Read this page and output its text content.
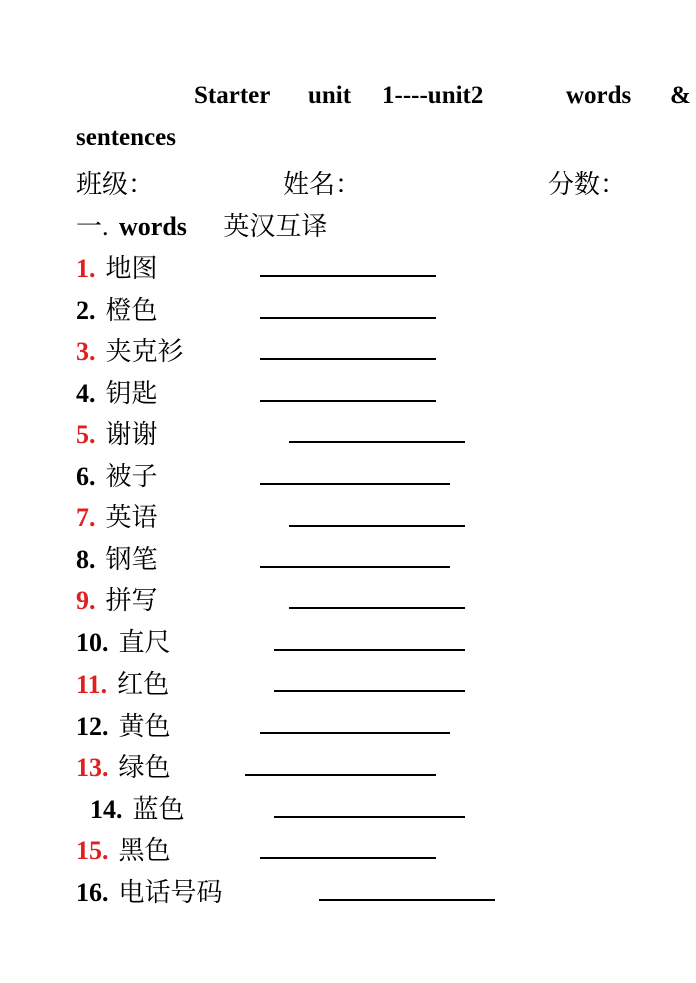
Starter unit 1----unit2	words &
sentences
班级：	姓名：	分数：
一. words 英汉互译
1. 地图
2. 橙色
3. 夹克衫
4. 钥匙
5. 谢谢
6. 被子
7. 英语
8. 钢笔
9. 拼写
10. 直尺
11. 红色
12. 黄色
13. 绿色
14. 蓝色
15. 黑色
16. 电话号码
